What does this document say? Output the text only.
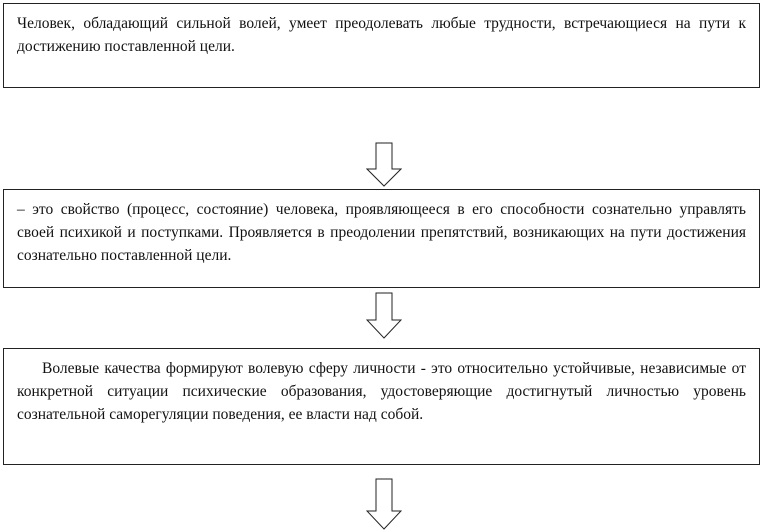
Человек, обладающий сильной волей, умеет преодолевать любые трудности, встречающиеся на пути к достижению поставленной цели.

– это свойство (процесс, состояние) человека, проявляющееся в его способности сознательно управлять своей психикой и поступками. Проявляется в преодолении препятствий, возникающих на пути достижения сознательно поставленной цели.

Волевые качества формируют волевую сферу личности - это относительно устойчивые, независимые от конкретной ситуации психические образования, удостоверяющие достигнутый личностью уровень сознательной саморегуляции поведения, ее власти над собой.
